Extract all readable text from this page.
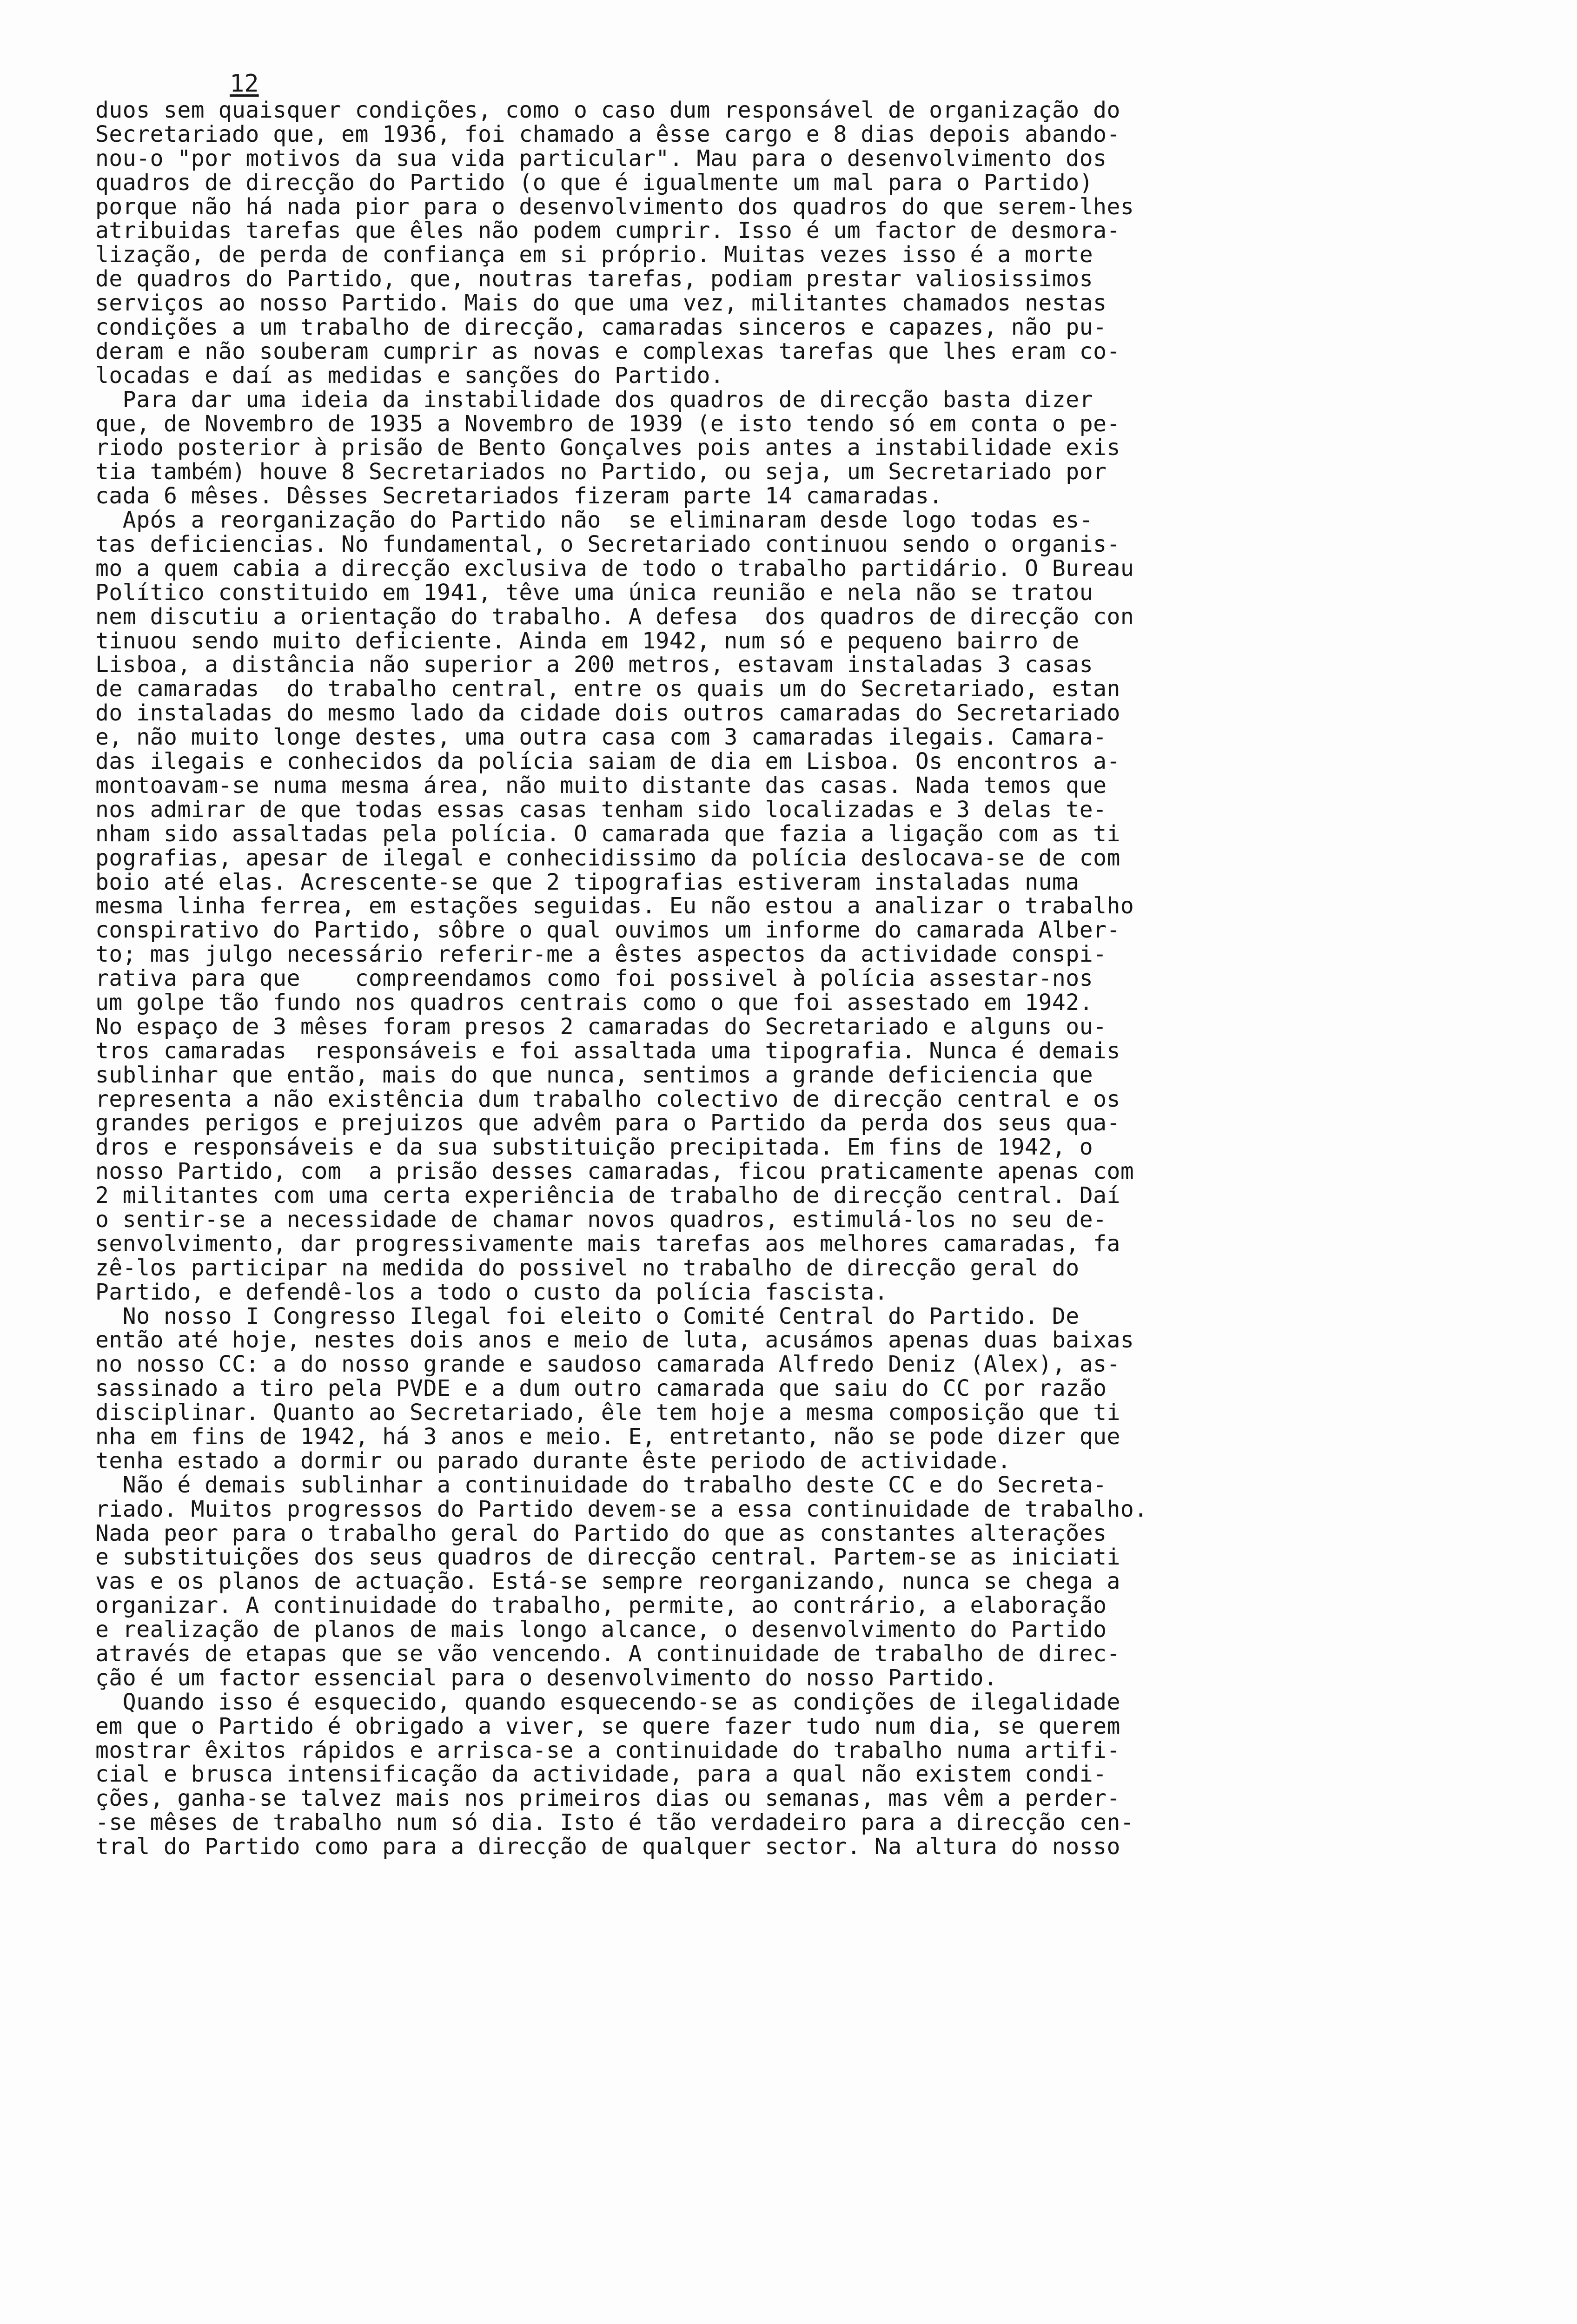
12
duos sem quaisquer condições, como o caso dum responsável de organização do
Secretariado que, em 1936, foi chamado a êsse cargo e 8 dias depois abando-
nou-o "por motivos da sua vida particular". Mau para o desenvolvimento dos
quadros de direcção do Partido (o que é igualmente um mal para o Partido)
porque não há nada pior para o desenvolvimento dos quadros do que serem-lhes
atribuidas tarefas que êles não podem cumprir. Isso é um factor de desmora-
lização, de perda de confiança em si próprio. Muitas vezes isso é a morte
de quadros do Partido, que, noutras tarefas, podiam prestar valiosissimos
serviços ao nosso Partido. Mais do que uma vez, militantes chamados nestas
condições a um trabalho de direcção, camaradas sinceros e capazes, não pu-
deram e não souberam cumprir as novas e complexas tarefas que lhes eram co-
locadas e daí as medidas e sanções do Partido.
Para dar uma ideia da instabilidade dos quadros de direcção basta dizer
que, de Novembro de 1935 a Novembro de 1939 (e isto tendo só em conta o pe-
riodo posterior à prisão de Bento Gonçalves pois antes a instabilidade exis
tia também) houve 8 Secretariados no Partido, ou seja, um Secretariado por
cada 6 mêses. Dêsses Secretariados fizeram parte 14 camaradas.
Após a reorganização do Partido não  se eliminaram desde logo todas es-
tas deficiencias. No fundamental, o Secretariado continuou sendo o organis-
mo a quem cabia a direcção exclusiva de todo o trabalho partidário. O Bureau
Político constituido em 1941, têve uma única reunião e nela não se tratou
nem discutiu a orientação do trabalho. A defesa  dos quadros de direcção con
tinuou sendo muito deficiente. Ainda em 1942, num só e pequeno bairro de
Lisboa, a distância não superior a 200 metros, estavam instaladas 3 casas
de camaradas  do trabalho central, entre os quais um do Secretariado, estan
do instaladas do mesmo lado da cidade dois outros camaradas do Secretariado
e, não muito longe destes, uma outra casa com 3 camaradas ilegais. Camara-
das ilegais e conhecidos da polícia saiam de dia em Lisboa. Os encontros a-
montoavam-se numa mesma área, não muito distante das casas. Nada temos que
nos admirar de que todas essas casas tenham sido localizadas e 3 delas te-
nham sido assaltadas pela polícia. O camarada que fazia a ligação com as ti
pografias, apesar de ilegal e conhecidissimo da polícia deslocava-se de com
boio até elas. Acrescente-se que 2 tipografias estiveram instaladas numa
mesma linha ferrea, em estações seguidas. Eu não estou a analizar o trabalho
conspirativo do Partido, sôbre o qual ouvimos um informe do camarada Alber-
to; mas julgo necessário referir-me a êstes aspectos da actividade conspi-
rativa para que    compreendamos como foi possivel à polícia assestar-nos
um golpe tão fundo nos quadros centrais como o que foi assestado em 1942.
No espaço de 3 mêses foram presos 2 camaradas do Secretariado e alguns ou-
tros camaradas  responsáveis e foi assaltada uma tipografia. Nunca é demais
sublinhar que então, mais do que nunca, sentimos a grande deficiencia que
representa a não existência dum trabalho colectivo de direcção central e os
grandes perigos e prejuizos que advêm para o Partido da perda dos seus qua-
dros e responsáveis e da sua substituição precipitada. Em fins de 1942, o
nosso Partido, com  a prisão desses camaradas, ficou praticamente apenas com
2 militantes com uma certa experiência de trabalho de direcção central. Daí
o sentir-se a necessidade de chamar novos quadros, estimulá-los no seu de-
senvolvimento, dar progressivamente mais tarefas aos melhores camaradas, fa
zê-los participar na medida do possivel no trabalho de direcção geral do
Partido, e defendê-los a todo o custo da polícia fascista.
No nosso I Congresso Ilegal foi eleito o Comité Central do Partido. De
então até hoje, nestes dois anos e meio de luta, acusámos apenas duas baixas
no nosso CC: a do nosso grande e saudoso camarada Alfredo Deniz (Alex), as-
sassinado a tiro pela PVDE e a dum outro camarada que saiu do CC por razão
disciplinar. Quanto ao Secretariado, êle tem hoje a mesma composição que ti
nha em fins de 1942, há 3 anos e meio. E, entretanto, não se pode dizer que
tenha estado a dormir ou parado durante êste periodo de actividade.
Não é demais sublinhar a continuidade do trabalho deste CC e do Secreta-
riado. Muitos progressos do Partido devem-se a essa continuidade de trabalho.
Nada peor para o trabalho geral do Partido do que as constantes alterações
e substituições dos seus quadros de direcção central. Partem-se as iniciati
vas e os planos de actuação. Está-se sempre reorganizando, nunca se chega a
organizar. A continuidade do trabalho, permite, ao contrário, a elaboração
e realização de planos de mais longo alcance, o desenvolvimento do Partido
através de etapas que se vão vencendo. A continuidade de trabalho de direc-
ção é um factor essencial para o desenvolvimento do nosso Partido.
Quando isso é esquecido, quando esquecendo-se as condições de ilegalidade
em que o Partido é obrigado a viver, se quere fazer tudo num dia, se querem
mostrar êxitos rápidos e arrisca-se a continuidade do trabalho numa artifi-
cial e brusca intensificação da actividade, para a qual não existem condi-
ções, ganha-se talvez mais nos primeiros dias ou semanas, mas vêm a perder-
-se mêses de trabalho num só dia. Isto é tão verdadeiro para a direcção cen-
tral do Partido como para a direcção de qualquer sector. Na altura do nosso
